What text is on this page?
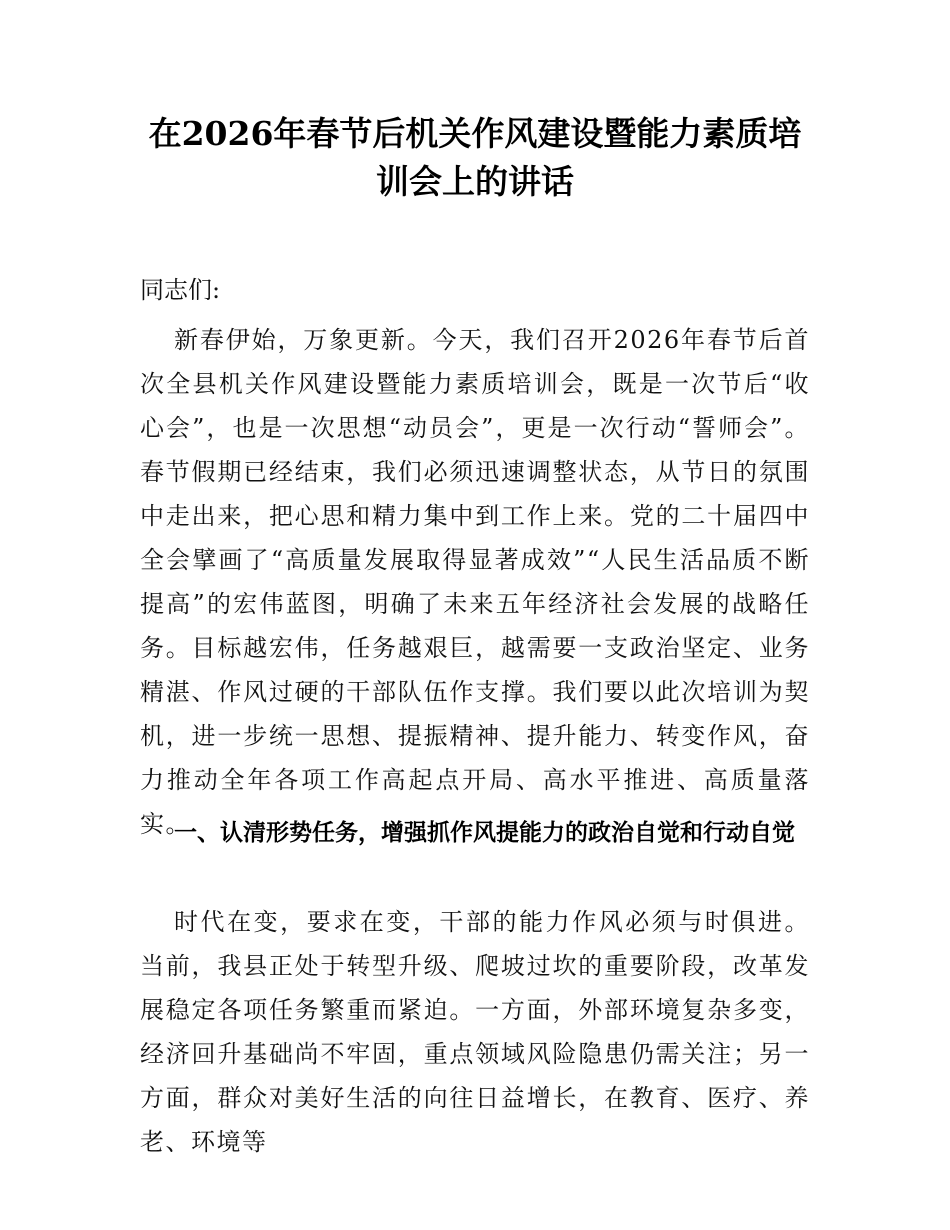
在2026年春节后机关作风建设暨能力素质培训会上的讲话

同志们:

新春伊始，万象更新。今天，我们召开2026年春节后首次全县机关作风建设暨能力素质培训会，既是一次节后“收心会”，也是一次思想“动员会”，更是一次行动“誓师会”。春节假期已经结束，我们必须迅速调整状态，从节日的氛围中走出来，把心思和精力集中到工作上来。党的二十届四中全会擘画了“高质量发展取得显著成效”“人民生活品质不断提高”的宏伟蓝图，明确了未来五年经济社会发展的战略任务。目标越宏伟，任务越艰巨，越需要一支政治坚定、业务精湛、作风过硬的干部队伍作支撑。我们要以此次培训为契机，进一步统一思想、提振精神、提升能力、转变作风，奋力推动全年各项工作高起点开局、高水平推进、高质量落实。

一、认清形势任务，增强抓作风提能力的政治自觉和行动自觉

时代在变，要求在变，干部的能力作风必须与时俱进。当前，我县正处于转型升级、爬坡过坎的重要阶段，改革发展稳定各项任务繁重而紧迫。一方面，外部环境复杂多变，经济回升基础尚不牢固，重点领域风险隐患仍需关注；另一方面，群众对美好生活的向往日益增长，在教育、医疗、养老、环境等
